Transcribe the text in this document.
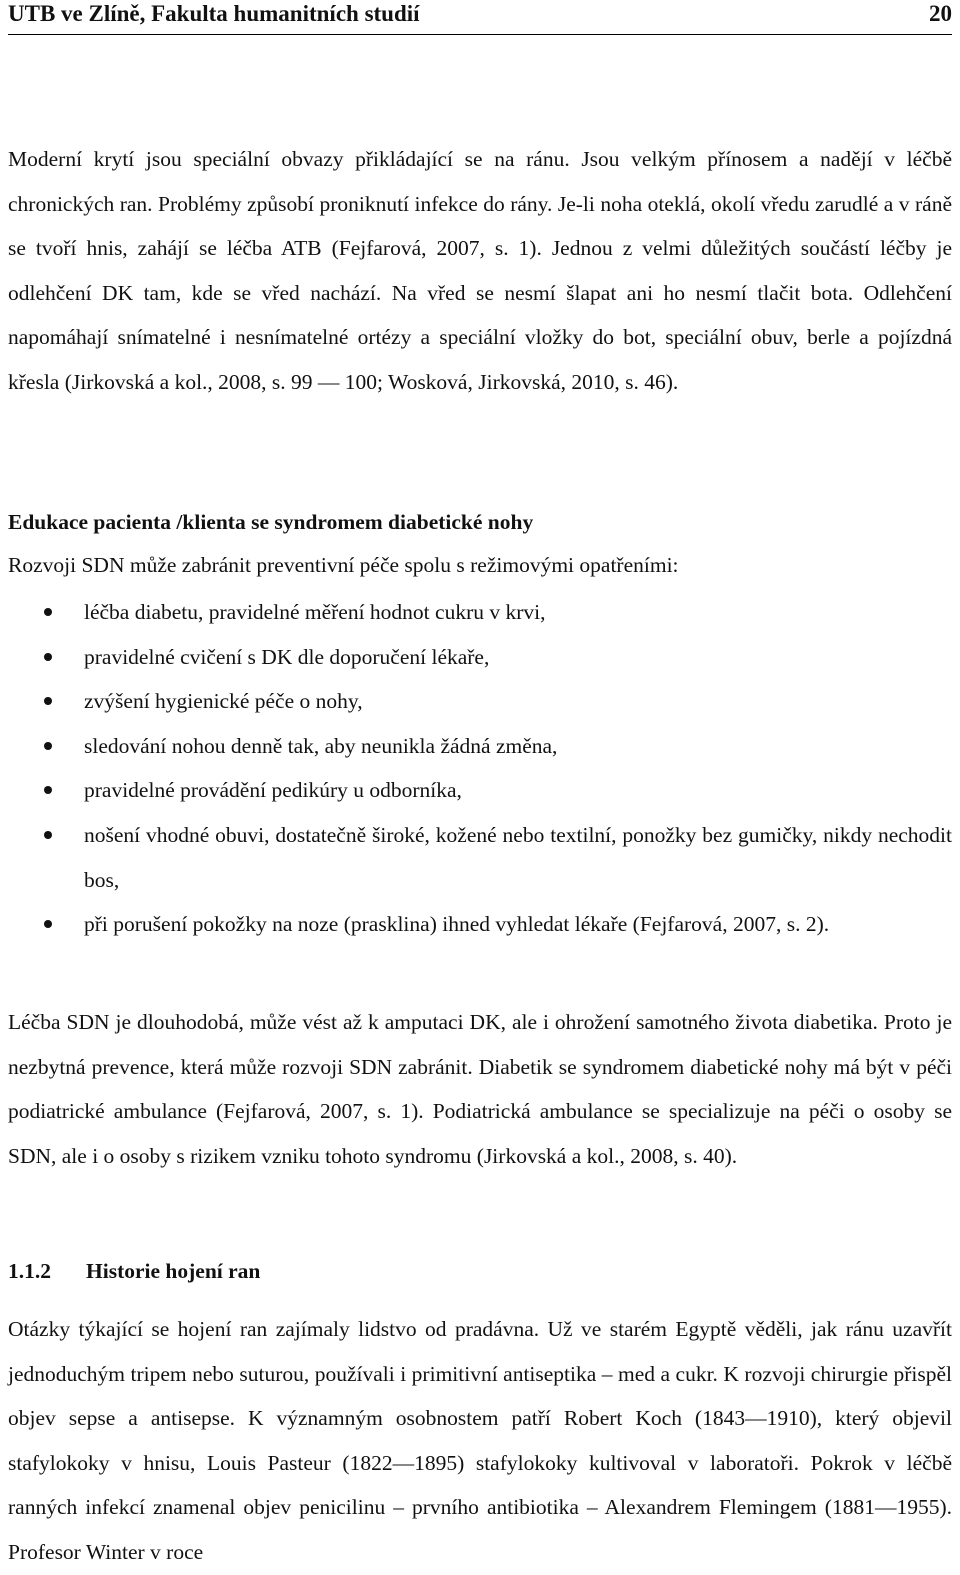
UTB ve Zlíně, Fakulta humanitních studií	20

Moderní krytí jsou speciální obvazy přikládající se na ránu. Jsou velkým přínosem a nadějí v léčbě chronických ran. Problémy způsobí proniknutí infekce do rány. Je-li noha oteklá, okolí vředu zarudlé a v ráně se tvoří hnis, zahájí se léčba ATB (Fejfarová, 2007, s. 1). Jednou z velmi důležitých součástí léčby je odlehčení DK tam, kde se vřed nachází. Na vřed se nesmí šlapat ani ho nesmí tlačit bota. Odlehčení napomáhají snímatelné i nesnímatelné ortézy a speciální vložky do bot, speciální obuv, berle a pojízdná křesla (Jirkovská a kol., 2008, s. 99 — 100; Wosková, Jirkovská, 2010, s. 46).

Edukace pacienta /klienta se syndromem diabetické nohy

Rozvoji SDN může zabránit preventivní péče spolu s režimovými opatřeními:

léčba diabetu, pravidelné měření hodnot cukru v krvi,
pravidelné cvičení s DK dle doporučení lékaře,
zvýšení hygienické péče o nohy,
sledování nohou denně tak, aby neunikla žádná změna,
pravidelné provádění pedikúry u odborníka,
nošení vhodné obuvi, dostatečně široké, kožené nebo textilní, ponožky bez gumičky, nikdy nechodit bos,
při porušení pokožky na noze (prasklina) ihned vyhledat lékaře (Fejfarová, 2007, s. 2).

Léčba SDN je dlouhodobá, může vést až k amputaci DK, ale i ohrožení samotného života diabetika. Proto je nezbytná prevence, která může rozvoji SDN zabránit. Diabetik se syndromem diabetické nohy má být v péči podiatrické ambulance (Fejfarová, 2007, s. 1). Podiatrická ambulance se specializuje na péči o osoby se SDN, ale i o osoby s rizikem vzniku tohoto syndromu (Jirkovská a kol., 2008, s. 40).

1.1.2 Historie hojení ran

Otázky týkající se hojení ran zajímaly lidstvo od pradávna. Už ve starém Egyptě věděli, jak ránu uzavřít jednoduchým tripem nebo suturou, používali i primitivní antiseptika – med a cukr. K rozvoji chirurgie přispěl objev sepse a antisepse. K významným osobnostem patří Robert Koch (1843—1910), který objevil stafylokoky v hnisu, Louis Pasteur (1822—1895) stafylokoky kultivoval v laboratoři. Pokrok v léčbě ranných infekcí znamenal objev penicilinu – prvního antibiotika – Alexandrem Flemingem (1881—1955). Profesor Winter v roce
